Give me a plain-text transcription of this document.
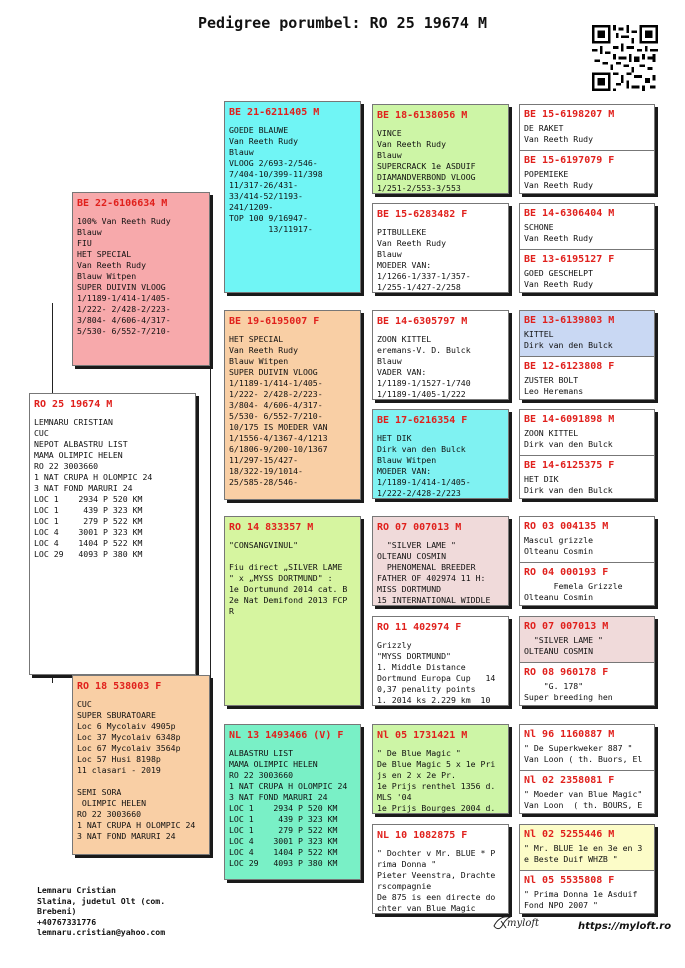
Pedigree porumbel: RO 25 19674 M
RO 25 19674 M
LEMNARU CRISTIAN
CUC
NEPOT ALBASTRU LIST
MAMA OLIMPIC HELEN
RO 22 3003660
1 NAT CRUPA H OLOMPIC 24
3 NAT FOND MARURI 24
LOC 1    2934 P 520 KM
LOC 1     439 P 323 KM
LOC 1     279 P 522 KM
LOC 4    3001 P 323 KM
LOC 4    1404 P 522 KM
LOC 29   4093 P 380 KM
BE 22-6106634 M
100% Van Reeth Rudy
Blauw
FIU
HET SPECIAL
Van Reeth Rudy
Blauw Witpen
SUPER DUIVIN VLOOG
1/1189-1/414-1/405-
1/222- 2/428-2/223-
3/804- 4/606-4/317-
5/530- 6/552-7/210-
RO 18 538003 F
CUC
SUPER SBURATOARE
Loc 6 Mycolaiv 4905p
Loc 37 Mycolaiv 6348p
Loc 67 Mycolaiv 3564p
Loc 57 Husi 8198p
11 clasari - 2019

SEMI SORA
OLIMPIC HELEN
RO 22 3003660
1 NAT CRUPA H OLOMPIC 24
3 NAT FOND MARURI 24
BE 21-6211405 M
GOEDE BLAUWE
Van Reeth Rudy
Blauw
VLOOG 2/693-2/546-
7/404-10/399-11/398
11/317-26/431-
33/414-52/1193-
241/1209-
TOP 100 9/16947-
13/11917-
BE 19-6195007 F
HET SPECIAL
Van Reeth Rudy
Blauw Witpen
SUPER DUIVIN VLOOG
1/1189-1/414-1/405-
1/222- 2/428-2/223-
3/804- 4/606-4/317-
5/530- 6/552-7/210-
10/175 IS MOEDER VAN
1/1556-4/1367-4/1213
6/1806-9/200-10/1367
11/297-15/427-
18/322-19/1014-
25/585-28/546-
RO 14 833357 M
"CONSANGVINUL"

Fiu direct „SILVER LAME
" x „MYSS DORTMUND" :
1e Dortumund 2014 cat. B
2e Nat Demifond 2013 FCP
R
NL 13 1493466 (V) F
ALBASTRU LIST
MAMA OLIMPIC HELEN
RO 22 3003660
1 NAT CRUPA H OLOMPIC 24
3 NAT FOND MARURI 24
LOC 1    2934 P 520 KM
LOC 1     439 P 323 KM
LOC 1     279 P 522 KM
LOC 4    3001 P 323 KM
LOC 4    1404 P 522 KM
LOC 29   4093 P 380 KM
BE 18-6138056 M
VINCE
Van Reeth Rudy
Blauw
SUPERCRACK 1e ASDUIF
DIAMANDVERBOND VLOOG
1/251-2/553-3/553
BE 15-6283482 F
PITBULLEKE
Van Reeth Rudy
Blauw
MOEDER VAN:
1/1266-1/337-1/357-
1/255-1/427-2/258
BE 14-6305797 M
ZOON KITTEL
eremans-V. D. Bulck
Blauw
VADER VAN:
1/1189-1/1527-1/740
1/1189-1/405-1/222
BE 17-6216354 F
HET DIK
Dirk van den Bulck
Blauw Witpen
MOEDER VAN:
1/1189-1/414-1/405-
1/222-2/428-2/223
RO 07 007013 M
"SILVER LAME "
OLTEANU COSMIN
PHENOMENAL BREEDER
FATHER OF 402974 11 H:
MISS DORTMUND
15 INTERNATIONAL WIDDLE
RO 11 402974 F
Grizzly
"MYSS DORTMUND"
1. Middle Distance
Dortmund Europa Cup   14
0,37 penality points
1. 2014 ks 2.229 km  10
Nl 05 1731421 M
" De Blue Magic "
De Blue Magic 5 x 1e Pri
js en 2 x 2e Pr.
1e Prijs renthel 1356 d.
MLS '04
1e Prijs Bourges 2004 d.
NL 10 1082875 F
" Dochter v Mr. BLUE * P
rima Donna "
Pieter Veenstra, Drachte
rscompagnie
De 875 is een directe do
chter van Blue Magic
BE 15-6198207 M
DE RAKET
Van Reeth Rudy
BE 15-6197079 F
POPEMIEKE
Van Reeth Rudy
BE 14-6306404 M
SCHONE
Van Reeth Rudy
BE 13-6195127 F
GOED GESCHELPT
Van Reeth Rudy
BE 13-6139803 M
KITTEL
Dirk van den Bulck
BE 12-6123808 F
ZUSTER BOLT
Leo Heremans
BE 14-6091898 M
ZOON KITTEL
Dirk van den Bulck
BE 14-6125375 F
HET DIK
Dirk van den Bulck
RO 03 004135 M
Mascul grizzle
Olteanu Cosmin
RO 04 000193 F
Femela Grizzle
Olteanu Cosmin
RO 07 007013 M
"SILVER LAME "
OLTEANU COSMIN
RO 08 960178 F
"G. 178"
Super breeding hen
Nl 96 1160887 M
" De Superkweker 887 "
Van Loon ( th. Buors, El
Nl 02 2358081 F
" Moeder van Blue Magic"
Van Loon  ( th. BOURS, E
Nl 02 5255446 M
" Mr. BLUE 1e en 3e en 3
e Beste Duif WHZB "
Nl 05 5535808 F
" Prima Donna 1e Asduif
Fond NPO 2007 "
Lemnaru Cristian
Slatina, judetul Olt (com.
Brebeni)
+40767331776
lemnaru.cristian@yahoo.com
myloft	https://myloft.ro
